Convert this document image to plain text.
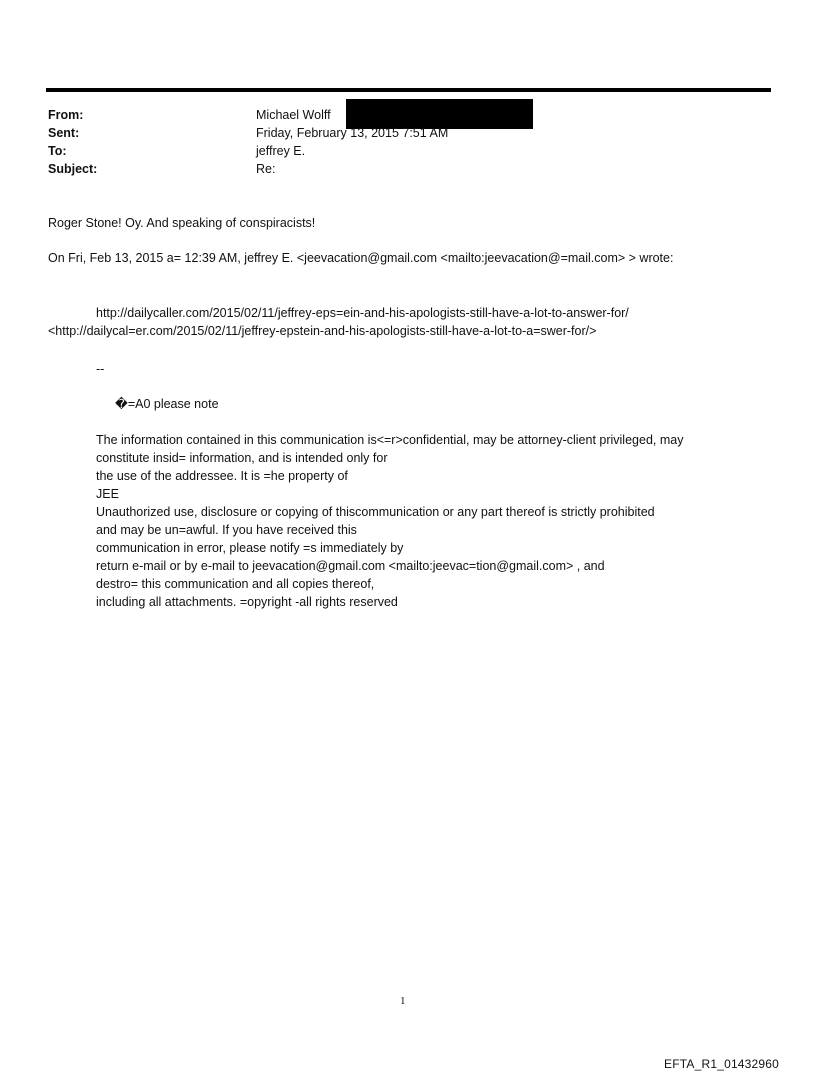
From:	Michael Wolff
Sent:	Friday, February 13, 2015 7:51 AM
To:	jeffrey E.
Subject:	Re:
Roger Stone! Oy. And speaking of conspiracists!
On Fri, Feb 13, 2015 a= 12:39 AM, jeffrey E. <jeevacation@gmail.com <mailto:jeevacation@=mail.com> > wrote:
http://dailycaller.com/2015/02/11/jeffrey-eps=ein-and-his-apologists-still-have-a-lot-to-answer-for/
<http://dailycal=er.com/2015/02/11/jeffrey-epstein-and-his-apologists-still-have-a-lot-to-a=swer-for/>
--
�=A0 please note
The information contained in this communication is<=r>confidential, may be attorney-client privileged, may
constitute insid= information, and is intended only for
the use of the addressee. It is =he property of
JEE
Unauthorized use, disclosure or copying of thiscommunication or any part thereof is strictly prohibited
and may be un=awful. If you have received this
communication in error, please notify =s immediately by
return e-mail or by e-mail to jeevacation@gmail.com <mailto:jeevac=tion@gmail.com> , and
destro= this communication and all copies thereof,
including all attachments. =opyright -all rights reserved
1
EFTA_R1_01432960
